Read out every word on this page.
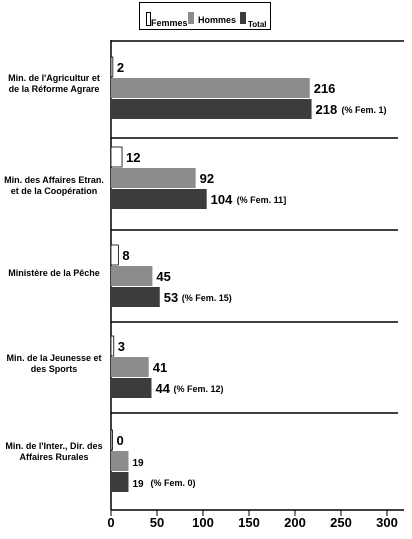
Femmes Hommes Total
Min. de l'Agricultur et de la Réforme Agrare
Min. des Affaires Etran. et de la Coopération
Ministère de la Pêche
Min. de la Jeunesse et des Sports
Min. de l'Inter., Dir. des Affaires Rurales
0	50 100 150 200 250 300
2
216
218 (% Fem. 1)
12
92
104 (% Fem. 11]
8
45
53 (% Fem. 15)
3
41
44 (% Fem. 12)
0
19
19 (% Fem. 0)
